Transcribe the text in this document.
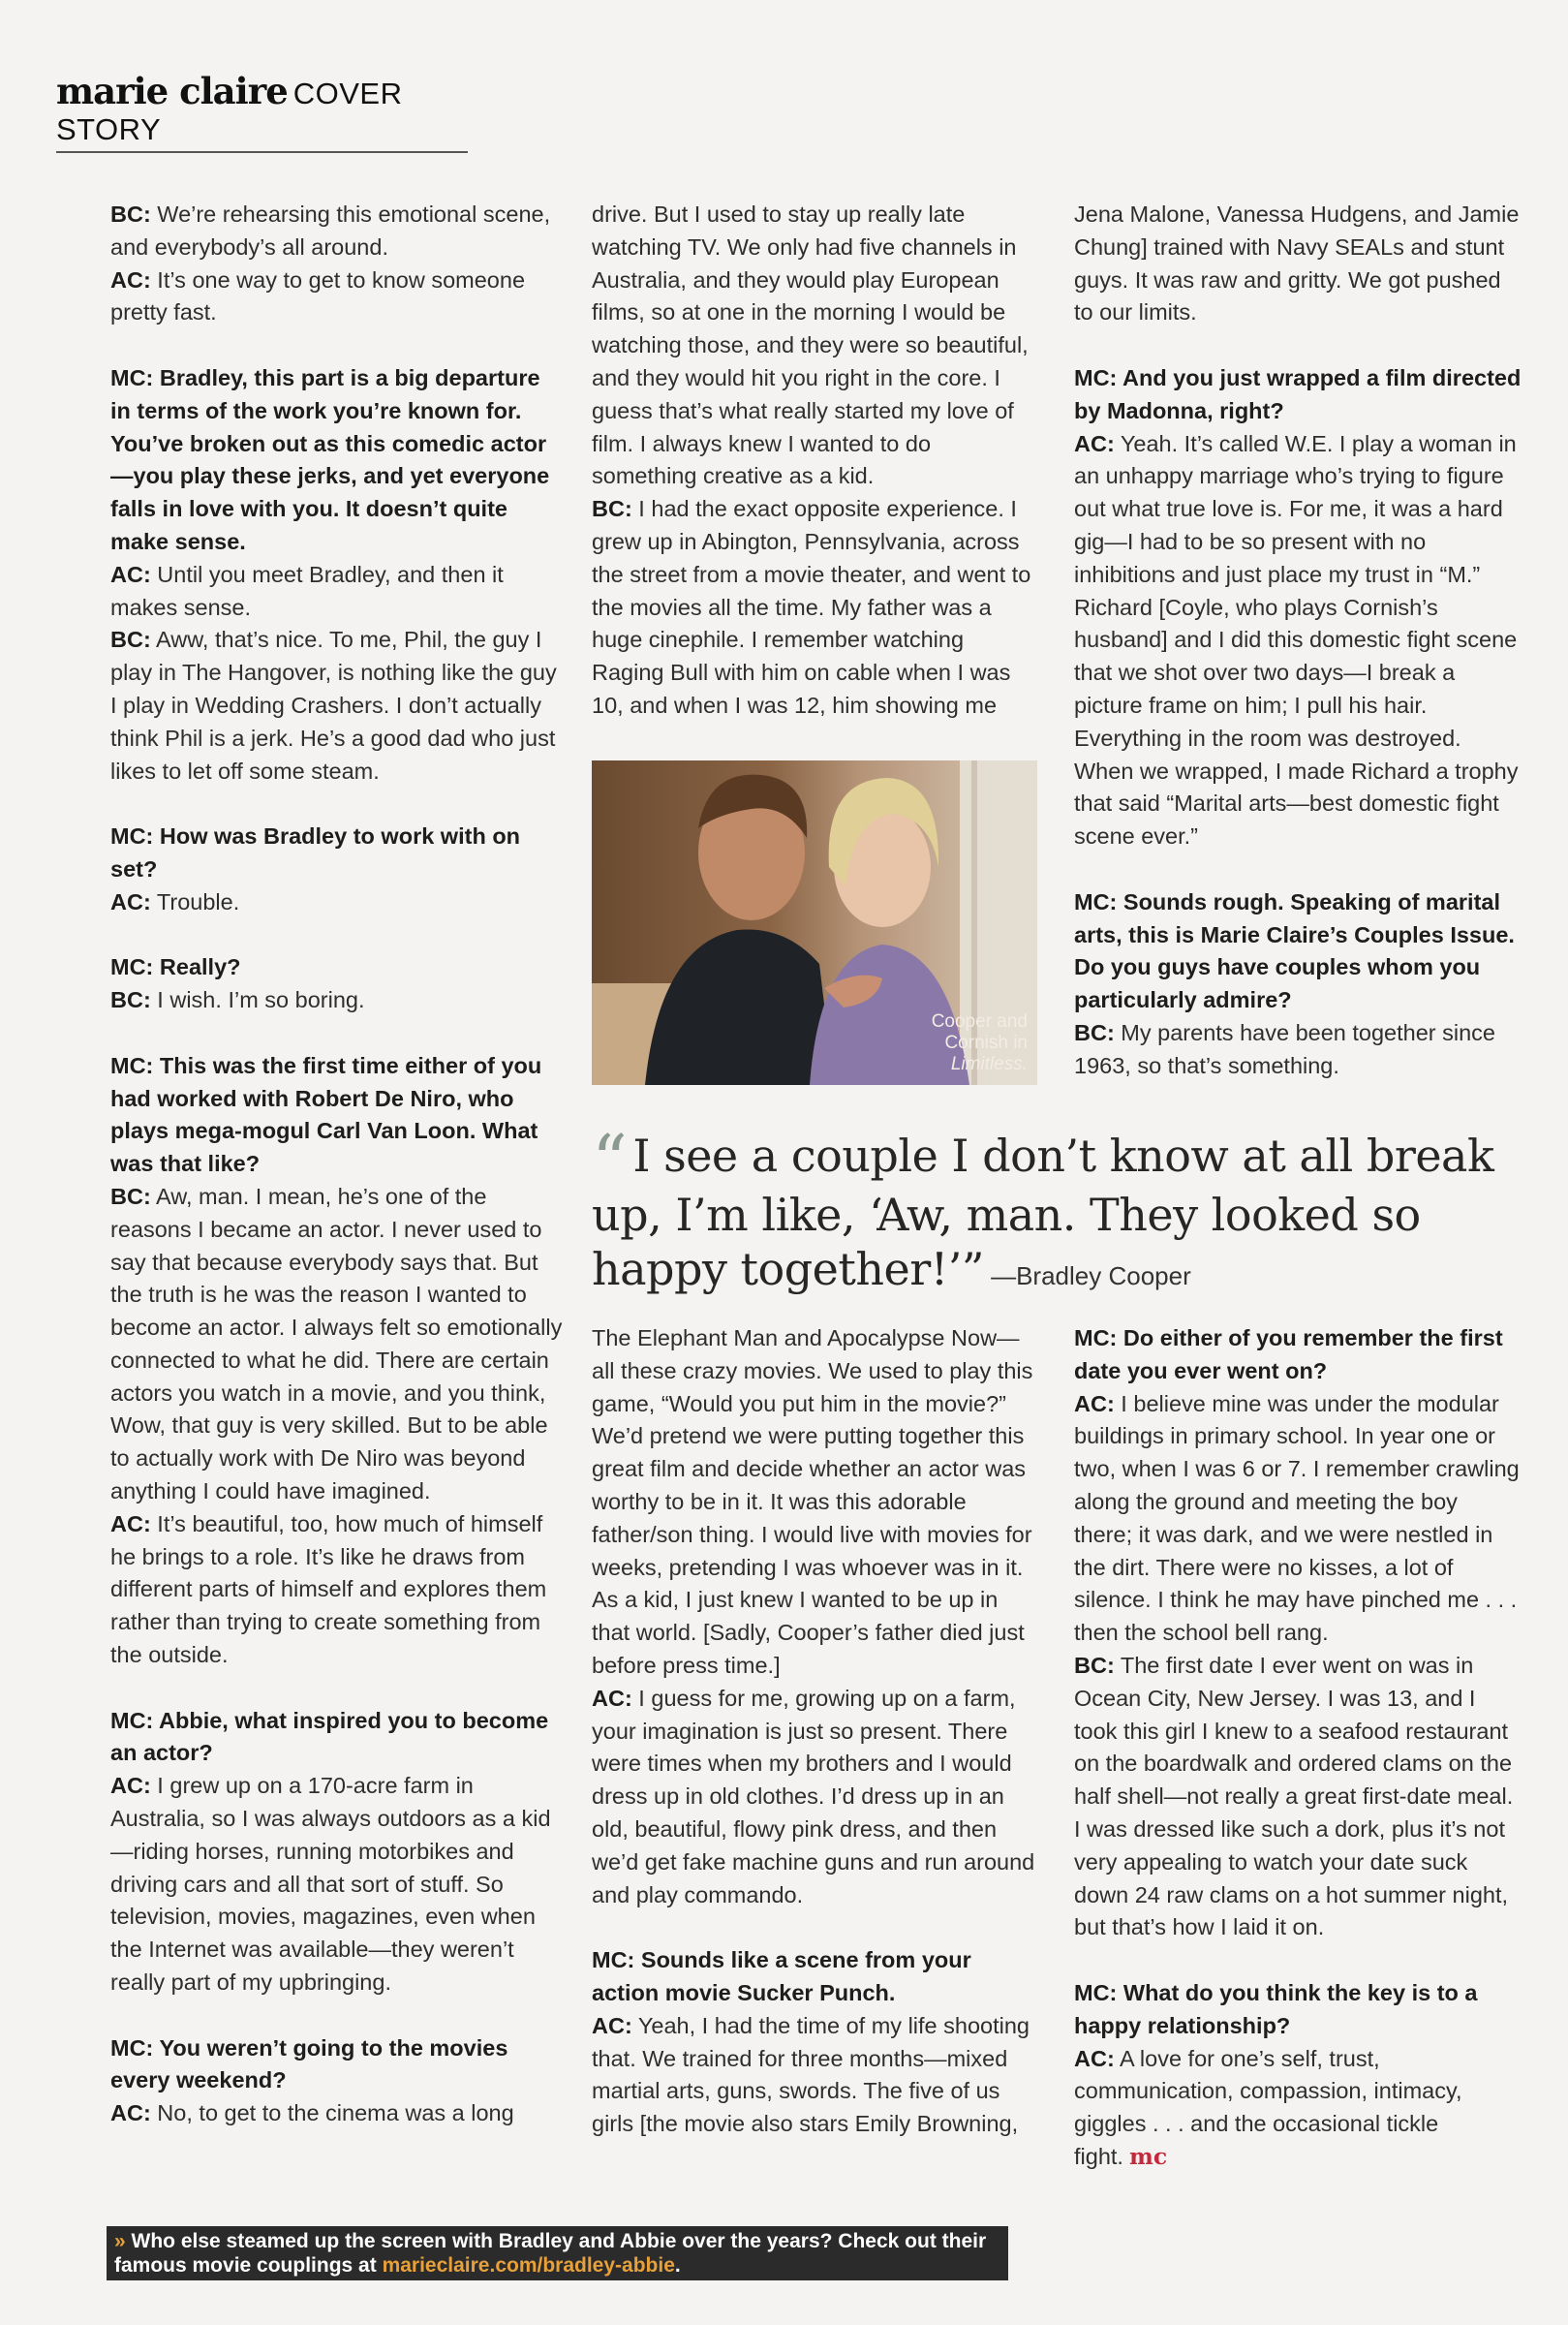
marie claire COVER STORY

BC: We’re rehearsing this emotional scene, and everybody’s all around.

AC: It’s one way to get to know someone pretty fast.

MC: Bradley, this part is a big departure in terms of the work you’re known for. You’ve broken out as this comedic actor—you play these jerks, and yet everyone falls in love with you. It doesn’t quite make sense.

AC: Until you meet Bradley, and then it makes sense.

BC: Aww, that’s nice. To me, Phil, the guy I play in The Hangover, is nothing like the guy I play in Wedding Crashers. I don’t actually think Phil is a jerk. He’s a good dad who just likes to let off some steam.

MC: How was Bradley to work with on set?

AC: Trouble.

MC: Really?

BC: I wish. I’m so boring.

MC: This was the first time either of you had worked with Robert De Niro, who plays mega-mogul Carl Van Loon. What was that like?

BC: Aw, man. I mean, he’s one of the reasons I became an actor. I never used to say that because everybody says that. But the truth is he was the reason I wanted to become an actor. I always felt so emotionally connected to what he did. There are certain actors you watch in a movie, and you think, Wow, that guy is very skilled. But to be able to actually work with De Niro was beyond anything I could have imagined.

AC: It’s beautiful, too, how much of himself he brings to a role. It’s like he draws from different parts of himself and explores them rather than trying to create something from the outside.

MC: Abbie, what inspired you to become an actor?

AC: I grew up on a 170-acre farm in Australia, so I was always outdoors as a kid—riding horses, running motorbikes and driving cars and all that sort of stuff. So television, movies, magazines, even when the Internet was available—they weren’t really part of my upbringing.

MC: You weren’t going to the movies every weekend?

AC: No, to get to the cinema was a long

drive. But I used to stay up really late watching TV. We only had five channels in Australia, and they would play European films, so at one in the morning I would be watching those, and they were so beautiful, and they would hit you right in the core. I guess that’s what really started my love of film. I always knew I wanted to do something creative as a kid.

BC: I had the exact opposite experience. I grew up in Abington, Pennsylvania, across the street from a movie theater, and went to the movies all the time. My father was a huge cinephile. I remember watching Raging Bull with him on cable when I was 10, and when I was 12, him showing me

Jena Malone, Vanessa Hudgens, and Jamie Chung] trained with Navy SEALs and stunt guys. It was raw and gritty. We got pushed to our limits.

MC: And you just wrapped a film directed by Madonna, right?

AC: Yeah. It’s called W.E. I play a woman in an unhappy marriage who’s trying to figure out what true love is. For me, it was a hard gig—I had to be so present with no inhibitions and just place my trust in “M.” Richard [Coyle, who plays Cornish’s husband] and I did this domestic fight scene that we shot over two days—I break a picture frame on him; I pull his hair. Everything in the room was destroyed. When we wrapped, I made Richard a trophy that said “Marital arts—best domestic fight scene ever.”

MC: Sounds rough. Speaking of marital arts, this is Marie Claire’s Couples Issue. Do you guys have couples whom you particularly admire?

BC: My parents have been together since 1963, so that’s something.

Cooper and
Cornish in
Limitless.
“ I see a couple I don’t know at all break up, I’m like, ‘Aw, man. They looked so happy together!’” —Bradley Cooper

The Elephant Man and Apocalypse Now—all these crazy movies. We used to play this game, “Would you put him in the movie?” We’d pretend we were putting together this great film and decide whether an actor was worthy to be in it. It was this adorable father/son thing. I would live with movies for weeks, pretending I was whoever was in it. As a kid, I just knew I wanted to be up in that world. [Sadly, Cooper’s father died just before press time.]

AC: I guess for me, growing up on a farm, your imagination is just so present. There were times when my brothers and I would dress up in old clothes. I’d dress up in an old, beautiful, flowy pink dress, and then we’d get fake machine guns and run around and play commando.

MC: Sounds like a scene from your action movie Sucker Punch.

AC: Yeah, I had the time of my life shooting that. We trained for three months—mixed martial arts, guns, swords. The five of us girls [the movie also stars Emily Browning,

MC: Do either of you remember the first date you ever went on?

AC: I believe mine was under the modular buildings in primary school. In year one or two, when I was 6 or 7. I remember crawling along the ground and meeting the boy there; it was dark, and we were nestled in the dirt. There were no kisses, a lot of silence. I think he may have pinched me . . . then the school bell rang.

BC: The first date I ever went on was in Ocean City, New Jersey. I was 13, and I took this girl I knew to a seafood restaurant on the boardwalk and ordered clams on the half shell—not really a great first-date meal. I was dressed like such a dork, plus it’s not very appealing to watch your date suck down 24 raw clams on a hot summer night, but that’s how I laid it on.

MC: What do you think the key is to a happy relationship?

AC: A love for one’s self, trust, communication, compassion, intimacy, giggles . . . and the occasional tickle fight. mc

» Who else steamed up the screen with Bradley and Abbie over the years? Check out their
famous movie couplings at marieclaire.com/bradley-abbie.
